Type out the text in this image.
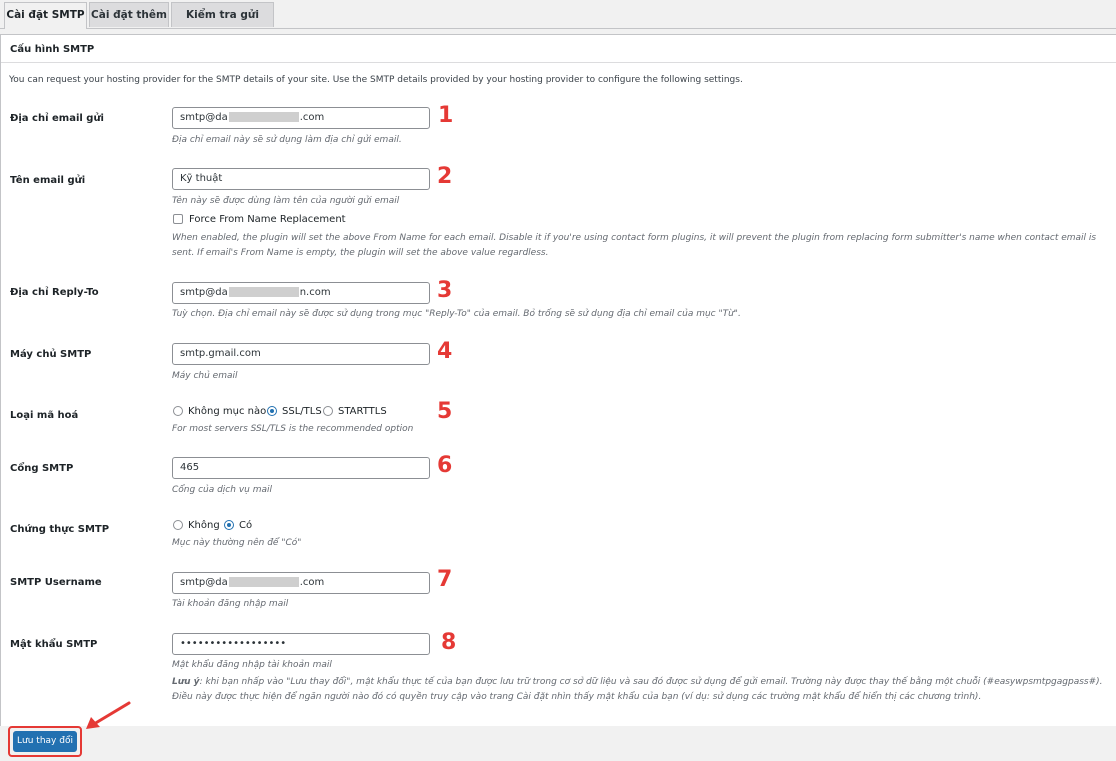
Cài đặt SMTP Cài đặt thêm	Kiểm tra gửi
Cấu hình SMTP
You can request your hosting provider for the SMTP details of your site. Use the SMTP details provided by your hosting provider to configure the following settings.
Địa chỉ email gửi	smtp@da	.com
Địa chỉ email này sẽ sử dụng làm địa chỉ gửi email.
1
Tên email gửi	Kỹ thuật
Tên này sẽ được dùng làm tên của người gửi email
2
Force From Name Replacement
When enabled, the plugin will set the above From Name for each email. Disable it if you're using contact form plugins, it will prevent the plugin from replacing form submitter's name when contact email is sent. If email's From Name is empty, the plugin will set the above value regardless.
Địa chỉ Reply-To	smtp@da	n.com
Tuỳ chọn. Địa chỉ email này sẽ được sử dụng trong mục "Reply-To" của email. Bỏ trống sẽ sử dụng địa chỉ email của mục "Từ".
3
Máy chủ SMTP	smtp.gmail.com
Máy chủ email
4
Loại mã hoá	Không mục nào	SSL/TLS	STARTTLS
For most servers SSL/TLS is the recommended option
5
Cổng SMTP	465
Cổng của dịch vụ mail
6
Chứng thực SMTP	Không	Có
Mục này thường nên để "Có"
SMTP Username	smtp@da	.com
Tài khoản đăng nhập mail
7
Mật khẩu SMTP	••••••••••••••••••
Mật khẩu đăng nhập tài khoản mail
8
Lưu ý: khi bạn nhấp vào "Lưu thay đổi", mật khẩu thực tế của bạn được lưu trữ trong cơ sở dữ liệu và sau đó được sử dụng để gửi email. Trường này được thay thế bằng một chuỗi (#easywpsmtpgagpass#). Điều này được thực hiện để ngăn người nào đó có quyền truy cập vào trang Cài đặt nhìn thấy mật khẩu của bạn (ví dụ: sử dụng các trường mật khẩu để hiển thị các chương trình).
Lưu thay đổi
